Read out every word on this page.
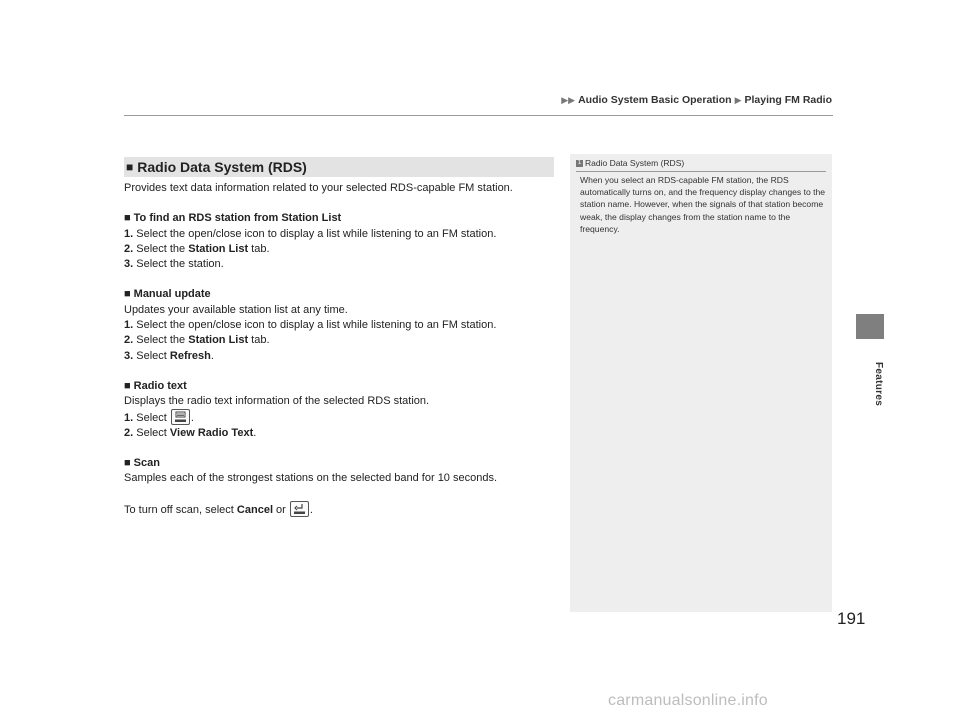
▶▶ Audio System Basic Operation ▶ Playing FM Radio
Features
■ Radio Data System (RDS)

Provides text data information related to your selected RDS-capable FM station.

■ To find an RDS station from Station List

1. Select the open/close icon to display a list while listening to an FM station.

2. Select the Station List tab.

3. Select the station.

■ Manual update

Updates your available station list at any time.

1. Select the open/close icon to display a list while listening to an FM station.

2. Select the Station List tab.

3. Select Refresh.

■ Radio text

Displays the radio text information of the selected RDS station.

1. Select .

2. Select View Radio Text.

■ Scan

Samples each of the strongest stations on the selected band for 10 seconds.

To turn off scan, select Cancel or .

1 Radio Data System (RDS)
When you select an RDS-capable FM station, the RDS automatically turns on, and the frequency display changes to the station name. However, when the signals of that station become weak, the display changes from the station name to the frequency.
191
carmanualsonline.info
